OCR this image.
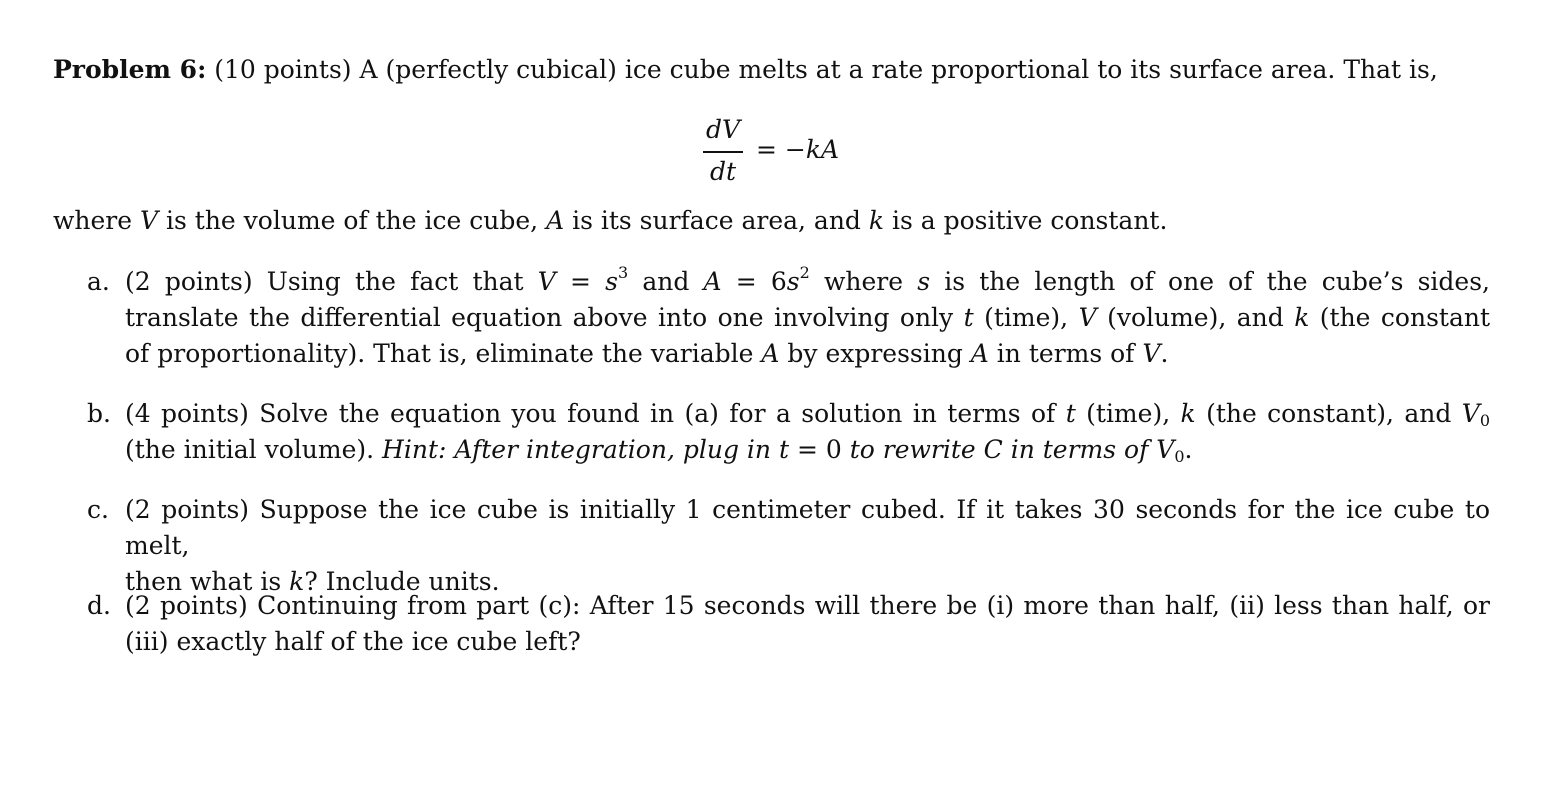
Problem 6: (10 points) A (perfectly cubical) ice cube melts at a rate proportional to its surface area. That is,
dV
dt
= −kA
where V is the volume of the ice cube, A is its surface area, and k is a positive constant.
a. (2 points) Using the fact that $V = s^3$ and $A = 6s^2$ where s is the length of one of the cube’s sides,
translate the differential equation above into one involving only t (time), V (volume), and k (the constant
of proportionality). That is, eliminate the variable A by expressing A in terms of V.
b. (4 points) Solve the equation you found in (a) for a solution in terms of t (time), k (the constant), and $V_0$
(the initial volume). Hint: After integration, plug in t = 0 to rewrite C in terms of $V_0$.
c. (2 points) Suppose the ice cube is initially 1 centimeter cubed. If it takes 30 seconds for the ice cube to melt,
then what is k? Include units.
d. (2 points) Continuing from part (c): After 15 seconds will there be (i) more than half, (ii) less than half, or
(iii) exactly half of the ice cube left?
